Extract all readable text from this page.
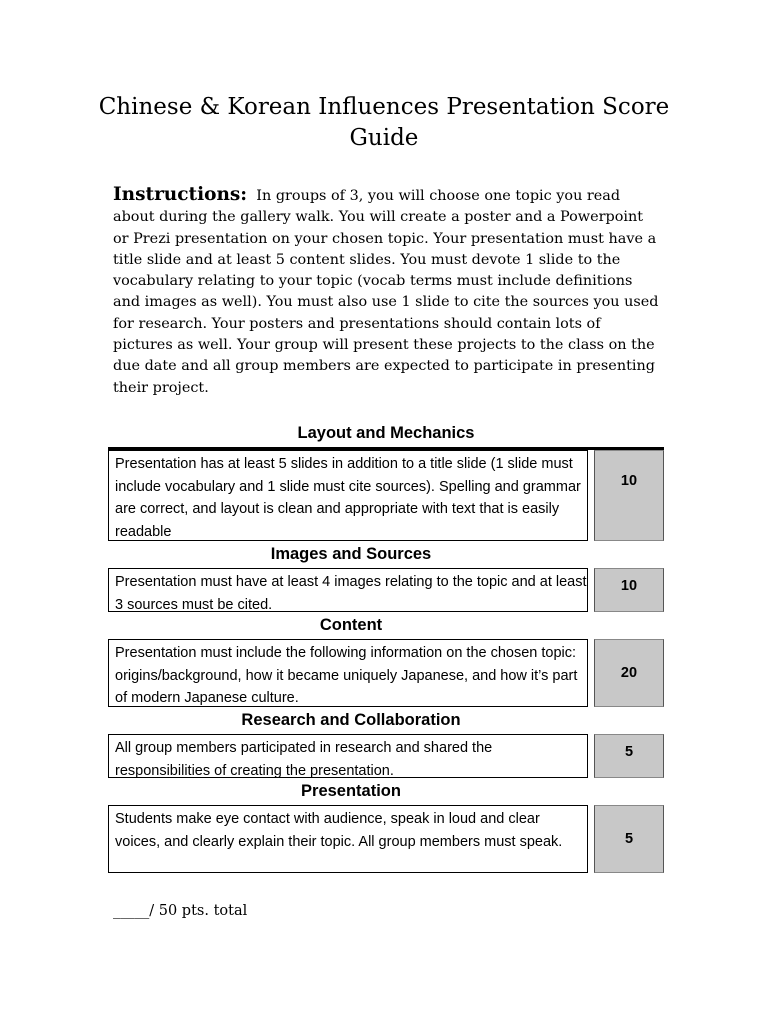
Chinese & Korean Influences Presentation Score Guide

Instructions: In groups of 3, you will choose one topic you read about during the gallery walk. You will create a poster and a Powerpoint or Prezi presentation on your chosen topic. Your presentation must have a title slide and at least 5 content slides. You must devote 1 slide to the vocabulary relating to your topic (vocab terms must include definitions and images as well). You must also use 1 slide to cite the sources you used for research. Your posters and presentations should contain lots of pictures as well. Your group will present these projects to the class on the due date and all group members are expected to participate in presenting their project.

Layout and Mechanics
Presentation has at least 5 slides in addition to a title slide (1 slide must include vocabulary and 1 slide must cite sources). Spelling and grammar are correct, and layout is clean and appropriate with text that is easily readable
10
Images and Sources
Presentation must have at least 4 images relating to the topic and at least 3 sources must be cited.
10
Content
Presentation must include the following information on the chosen topic: origins/background, how it became uniquely Japanese, and how it’s part of modern Japanese culture.
20
Research and Collaboration
All group members participated in research and shared the responsibilities of creating the presentation.
5
Presentation
Students make eye contact with audience, speak in loud and clear voices, and clearly explain their topic. All group members must speak.	5

_____/ 50 pts. total
